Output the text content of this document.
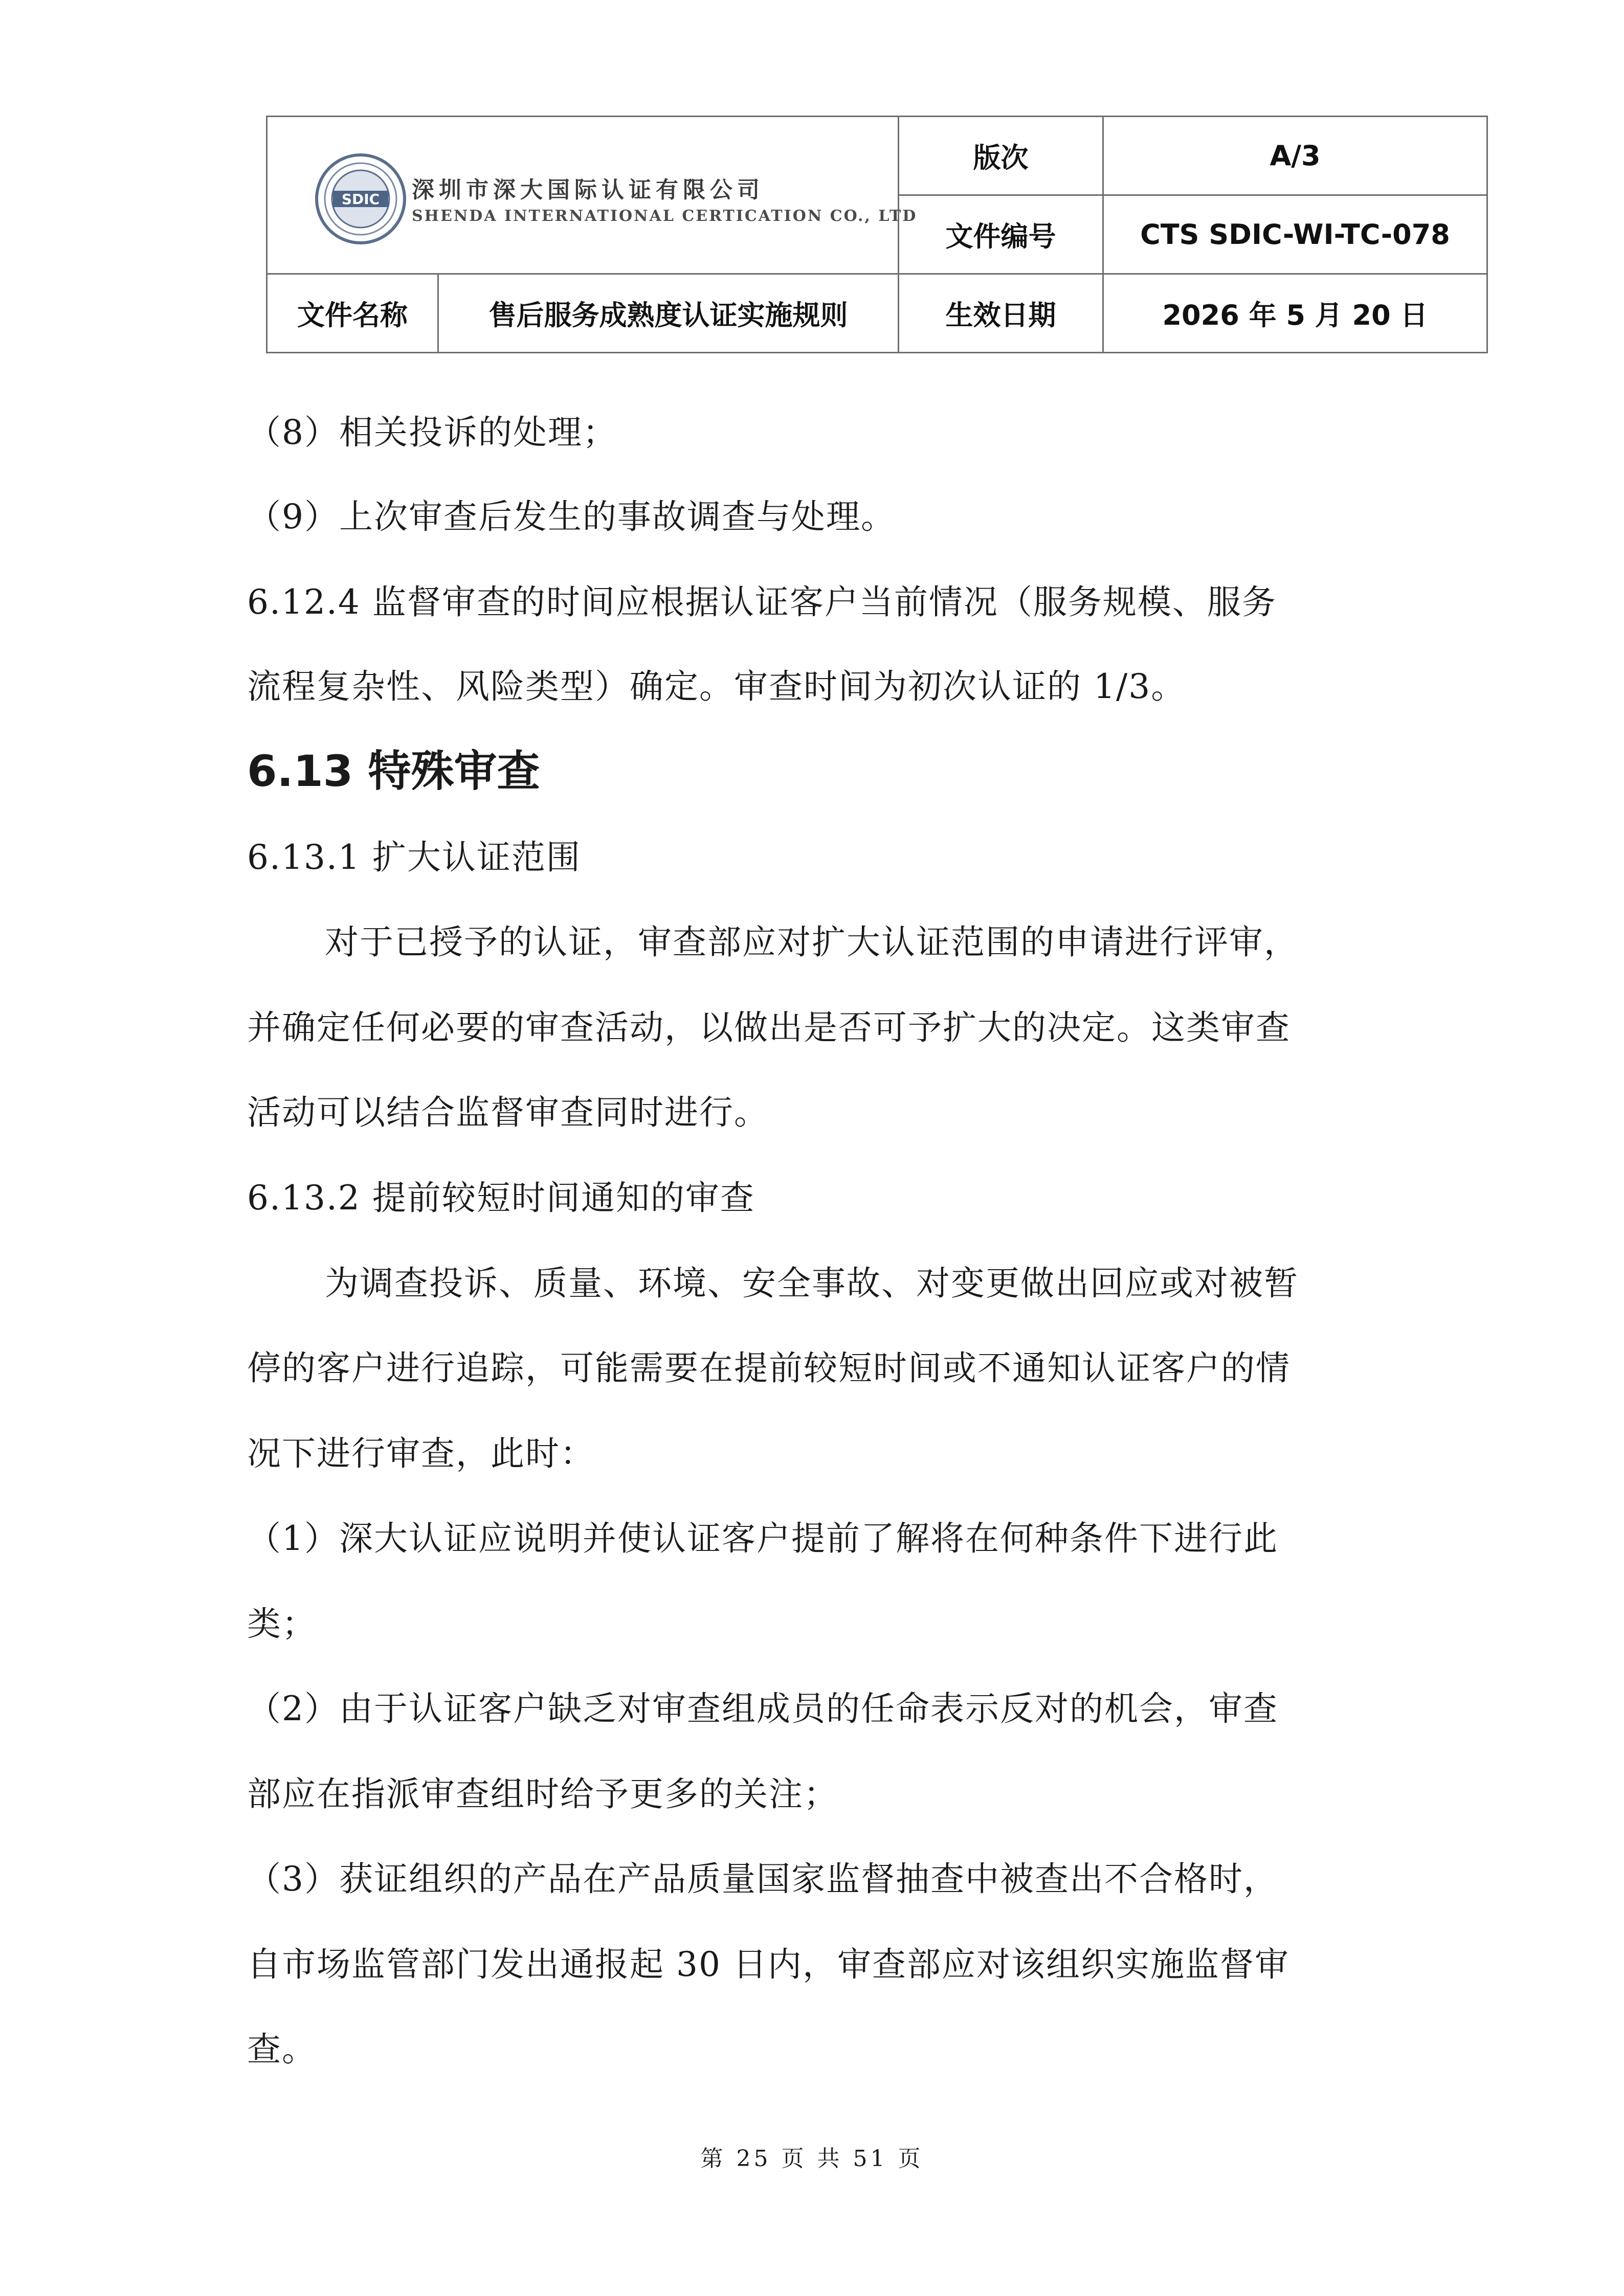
SDIC 深圳市深大国际认证有限公司
SHENDA INTERNATIONAL CERTICATION CO., LTD		版次	A/3
		文件编号	CTS SDIC-WI-TC-078
文件名称	售后服务成熟度认证实施规则	生效日期	2026 年 5 月 20 日
（8）相关投诉的处理；
（9）上次审查后发生的事故调查与处理。
6.12.4 监督审查的时间应根据认证客户当前情况（服务规模、服务
流程复杂性、风险类型）确定。审查时间为初次认证的 1/3。
6.13 特殊审查
6.13.1 扩大认证范围
对于已授予的认证，审查部应对扩大认证范围的申请进行评审，
并确定任何必要的审查活动，以做出是否可予扩大的决定。这类审查
活动可以结合监督审查同时进行。
6.13.2 提前较短时间通知的审查
为调查投诉、质量、环境、安全事故、对变更做出回应或对被暂
停的客户进行追踪，可能需要在提前较短时间或不通知认证客户的情
况下进行审查，此时：
（1）深大认证应说明并使认证客户提前了解将在何种条件下进行此
类；
（2）由于认证客户缺乏对审查组成员的任命表示反对的机会，审查
部应在指派审查组时给予更多的关注；
（3）获证组织的产品在产品质量国家监督抽查中被查出不合格时，
自市场监管部门发出通报起 30 日内，审查部应对该组织实施监督审
查。
第 25 页 共 51 页
